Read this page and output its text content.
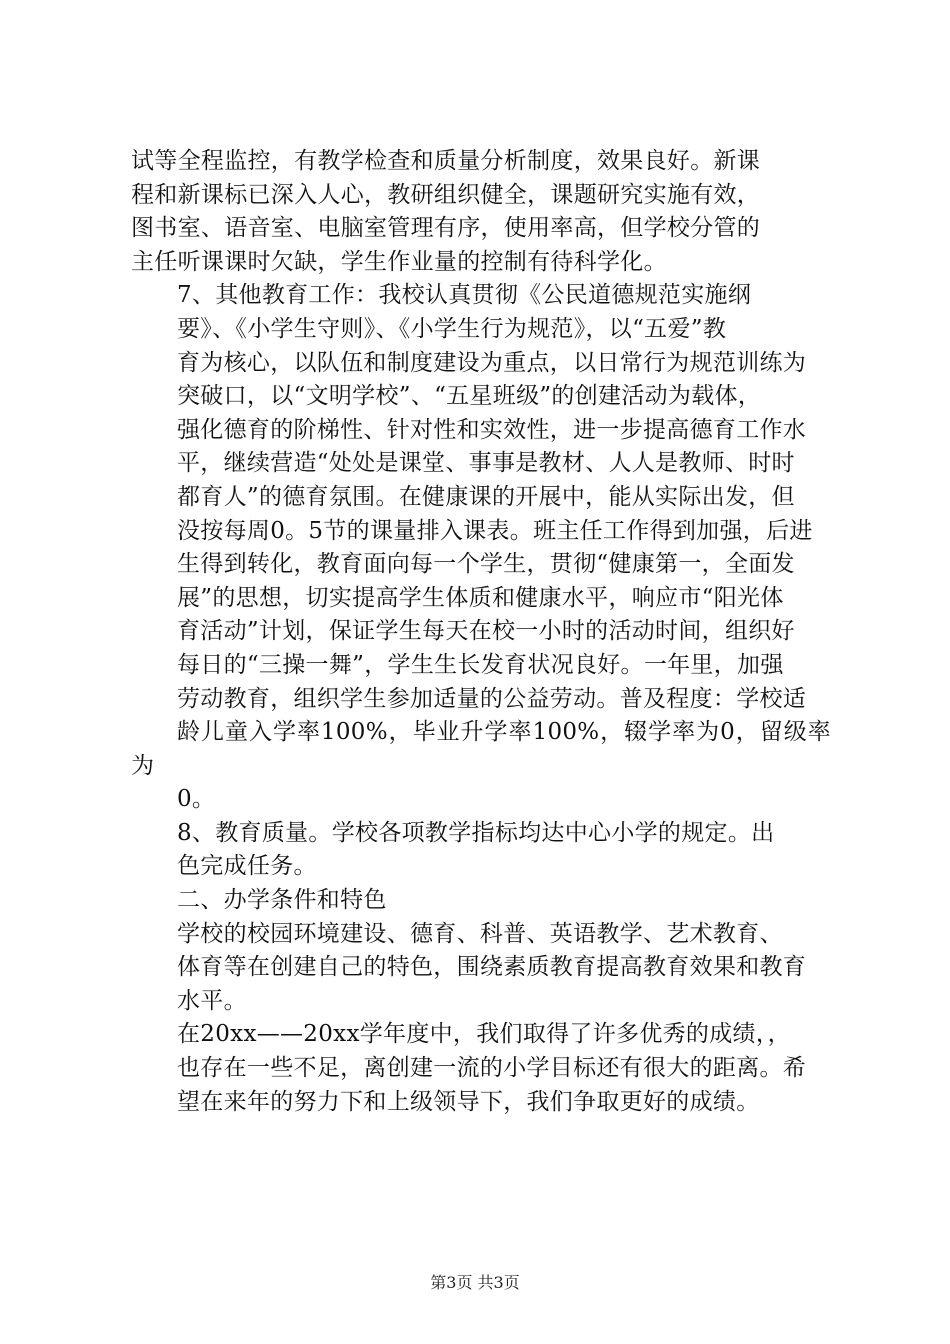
试等全程监控，有教学检查和质量分析制度，效果良好。新课
程和新课标已深入人心，教研组织健全，课题研究实施有效，
图书室、语音室、电脑室管理有序，使用率高，但学校分管的
主任听课课时欠缺，学生作业量的控制有待科学化。

7、其他教育工作：我校认真贯彻《公民道德规范实施纲
要》、《小学生守则》、《小学生行为规范》，以“五爱”教
育为核心，以队伍和制度建设为重点，以日常行为规范训练为
突破口，以“文明学校”、“五星班级”的创建活动为载体，
强化德育的阶梯性、针对性和实效性，进一步提高德育工作水
平，继续营造“处处是课堂、事事是教材、人人是教师、时时
都育人”的德育氛围。在健康课的开展中，能从实际出发，但
没按每周0。5节的课量排入课表。班主任工作得到加强，后进
生得到转化，教育面向每一个学生，贯彻“健康第一，全面发
展”的思想，切实提高学生体质和健康水平，响应市“阳光体
育活动”计划，保证学生每天在校一小时的活动时间，组织好
每日的“三操一舞”，学生生长发育状况良好。一年里，加强
劳动教育，组织学生参加适量的公益劳动。普及程度：学校适
龄儿童入学率100%，毕业升学率100%，辍学率为0，留级率为
0。

8、教育质量。学校各项教学指标均达中心小学的规定。出
色完成任务。

二、办学条件和特色

学校的校园环境建设、德育、科普、英语教学、艺术教育、
体育等在创建自己的特色，围绕素质教育提高教育效果和教育
水平。

在20xx——20xx学年度中，我们取得了许多优秀的成绩，，
也存在一些不足，离创建一流的小学目标还有很大的距离。希
望在来年的努力下和上级领导下，我们争取更好的成绩。

第3页 共3页
